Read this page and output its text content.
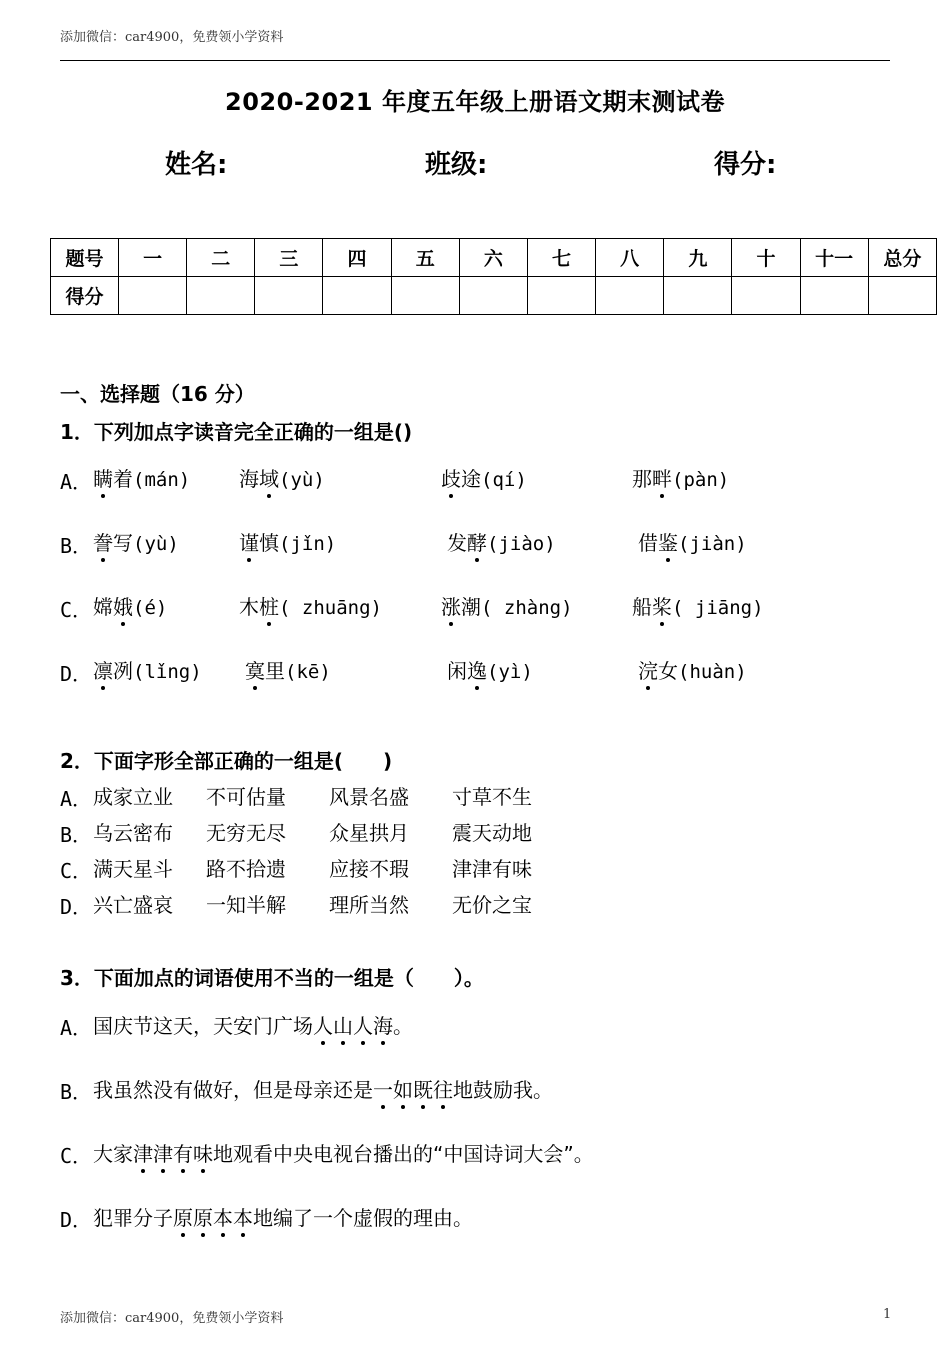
添加微信：car4900，免费领小学资料
2020-2021 年度五年级上册语文期末测试卷
姓名:	班级:	得分:
题号	一	二	三	四	五	六	七	八	九	十	十一	总分
得分												
一、选择题（16 分）
1．下列加点字读音完全正确的一组是()
A． 瞒着(mán) 海域(yù)	歧途(qí)	那畔(pàn)
B． 誊写(yù)	谨慎(jǐn)	发酵(jiào)	借鉴(jiàn)
C． 嫦娥(é)	木桩( zhuāng)	涨潮( zhàng)	船桨( jiāng)
D． 凛冽(lǐng) 寞里(kē)	闲逸(yì)	浣女(huàn)
2．下面字形全部正确的一组是(　　)
A． 成家立业 不可估量 风景名盛 寸草不生
B． 乌云密布 无穷无尽 众星拱月 震天动地
C． 满天星斗 路不拾遗 应接不瑕 津津有味
D． 兴亡盛哀 一知半解 理所当然 无价之宝
3．下面加点的词语使用不当的一组是（　　）。
A． 国庆节这天，天安门广场人山人海。
B． 我虽然没有做好，但是母亲还是一如既往地鼓励我。
C． 大家津津有味地观看中央电视台播出的“中国诗词大会”。
D． 犯罪分子原原本本地编了一个虚假的理由。
添加微信：car4900，免费领小学资料	1
